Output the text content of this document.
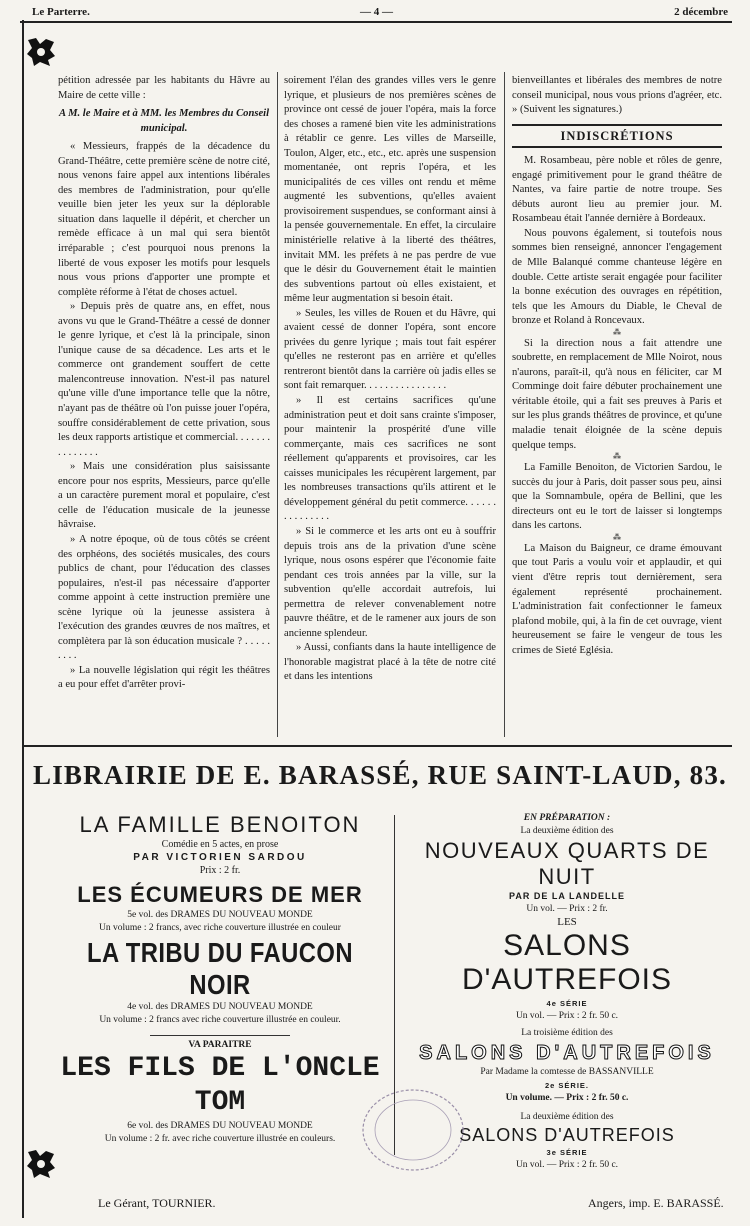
Le Parterre.	— 4 —	2 décembre

pétition adressée par les habitants du Hâvre au Maire de cette ville :

A M. le Maire et à MM. les Membres du Conseil municipal.

« Messieurs, frappés de la décadence du Grand-Théâtre, cette première scène de notre cité, nous venons faire appel aux intentions libérales des membres de l'administration, pour qu'elle veuille bien jeter les yeux sur la déplorable situation dans laquelle il dépérit, et chercher un remède efficace à un mal qui sera bientôt irréparable ; c'est pourquoi nous prenons la liberté de vous exposer les motifs pour lesquels nous vous prions d'apporter une prompte et complète réforme à l'état de choses actuel.

» Depuis près de quatre ans, en effet, nous avons vu que le Grand-Théâtre a cessé de donner le genre lyrique, et c'est là la principale, sinon l'unique cause de sa décadence. Les arts et le commerce ont grandement souffert de cette malencontreuse innovation. N'est-il pas naturel qu'une ville d'une importance telle que la nôtre, n'ayant pas de théâtre où l'on puisse jouer l'opéra, souffre considérablement de cette privation, sous les deux rapports artistique et commercial. . . . . . . . . . . . . . .

» Mais une considération plus saisissante encore pour nos esprits, Messieurs, parce qu'elle a un caractère purement moral et populaire, c'est celle de l'éducation musicale de la jeunesse hâvraise.

» A notre époque, où de tous côtés se créent des orphéons, des sociétés musicales, des cours publics de chant, pour l'éducation des classes populaires, n'est-il pas nécessaire d'apporter comme appoint à cette instruction première une scène lyrique où la jeunesse assistera à l'exécution des grandes œuvres de nos maîtres, et complètera par là son éducation musicale ? . . . . . . . . .

» La nouvelle législation qui régit les théâtres a eu pour effet d'arrêter provi-

soirement l'élan des grandes villes vers le genre lyrique, et plusieurs de nos premières scènes de province ont cessé de jouer l'opéra, mais la force des choses a ramené bien vite les administrations à rétablir ce genre. Les villes de Marseille, Toulon, Alger, etc., etc., etc. après une suspension momentanée, ont repris l'opéra, et les municipalités de ces villes ont rendu et même augmenté les subventions, qu'elles avaient provisoirement suspendues, se conformant ainsi à la pensée gouvernementale. En effet, la circulaire ministérielle relative à la liberté des théâtres, invitait MM. les préfets à ne pas perdre de vue que le désir du Gouvernement était le maintien des subventions partout où elles existaient, et même leur augmentation si besoin était.

» Seules, les villes de Rouen et du Hâvre, qui avaient cessé de donner l'opéra, sont encore privées du genre lyrique ; mais tout fait espérer qu'elles ne resteront pas en arrière et qu'elles rentreront bientôt dans la carrière où jadis elles se sont fait remarquer. . . . . . . . . . . . . . . .

» Il est certains sacrifices qu'une administration peut et doit sans crainte s'imposer, pour maintenir la prospérité d'une ville commerçante, mais ces sacrifices ne sont réellement qu'apparents et provisoires, car les caisses municipales les récupèrent largement, par les nombreuses transactions qu'ils attirent et le développement général du petit commerce. . . . . . . . . . . . . . .

» Si le commerce et les arts ont eu à souffrir depuis trois ans de la privation d'une scène lyrique, nous osons espérer que l'économie faite pendant ces trois années par la ville, sur la subvention qu'elle accordait autrefois, lui permettra de relever convenablement notre pauvre théâtre, et de le ramener aux jours de son ancienne splendeur.

» Aussi, confiants dans la haute intelligence de l'honorable magistrat placé à la tête de notre cité et dans les intentions

bienveillantes et libérales des membres de notre conseil municipal, nous vous prions d'agréer, etc. » (Suivent les signatures.)

INDISCRÉTIONS

M. Rosambeau, père noble et rôles de genre, engagé primitivement pour le grand théâtre de Nantes, va faire partie de notre troupe. Ses débuts auront lieu au premier jour. M. Rosambeau était l'année dernière à Bordeaux.

Nous pouvons également, si toutefois nous sommes bien renseigné, annoncer l'engagement de Mlle Balanqué comme chanteuse légère en double. Cette artiste serait engagée pour faciliter la bonne exécution des ouvrages en répétition, tels que les Amours du Diable, le Cheval de bronze et Roland à Roncevaux.

⁂

Si la direction nous a fait attendre une soubrette, en remplacement de Mlle Noirot, nous n'aurons, paraît-il, qu'à nous en féliciter, car M Comminge doit faire débuter prochainement une véritable étoile, qui a fait ses preuves à Paris et sur les plus grands théâtres de province, et qu'une maladie tenait éloignée de la scène depuis quelque temps.

⁂

La Famille Benoiton, de Victorien Sardou, le succès du jour à Paris, doit passer sous peu, ainsi que la Somnambule, opéra de Bellini, que les directeurs ont eu le tort de laisser si longtemps dans les cartons.

⁂

La Maison du Baigneur, ce drame émouvant que tout Paris a voulu voir et applaudir, et qui vient d'être repris tout dernièrement, sera également représenté prochainement. L'administration fait confectionner le fameux plafond mobile, qui, à la fin de cet ouvrage, vient heureusement se faire le vengeur de tous les crimes de Sieté Eglésia.

LIBRAIRIE DE E. BARASSÉ, RUE SAINT-LAUD, 83.
LA FAMILLE BENOITON
Comédie en 5 actes, en prose
PAR VICTORIEN SARDOU
Prix : 2 fr.
LES ÉCUMEURS DE MER
5e vol. des DRAMES DU NOUVEAU MONDE
Un volume : 2 francs, avec riche couverture illustrée en couleur
LA TRIBU DU FAUCON NOIR
4e vol. des DRAMES DU NOUVEAU MONDE
Un volume : 2 francs avec riche couverture illustrée en couleur.
VA PARAITRE
LES FILS DE L'ONCLE TOM
6e vol. des DRAMES DU NOUVEAU MONDE
Un volume : 2 fr. avec riche couverture illustrée en couleurs.
EN PRÉPARATION :
La deuxième édition des
NOUVEAUX QUARTS DE NUIT
PAR DE LA LANDELLE
Un vol. — Prix : 2 fr.
LES
SALONS D'AUTREFOIS
4e SÉRIE
Un vol. — Prix : 2 fr. 50 c.
La troisième édition des
SALONS D'AUTREFOIS
Par Madame la comtesse de BASSANVILLE
2e SÉRIE.
Un volume. — Prix : 2 fr. 50 c.
La deuxième édition des
SALONS D'AUTREFOIS
3e SÉRIE
Un vol. — Prix : 2 fr. 50 c.
Le Gérant, TOURNIER.	Angers, imp. E. BARASSÉ.
